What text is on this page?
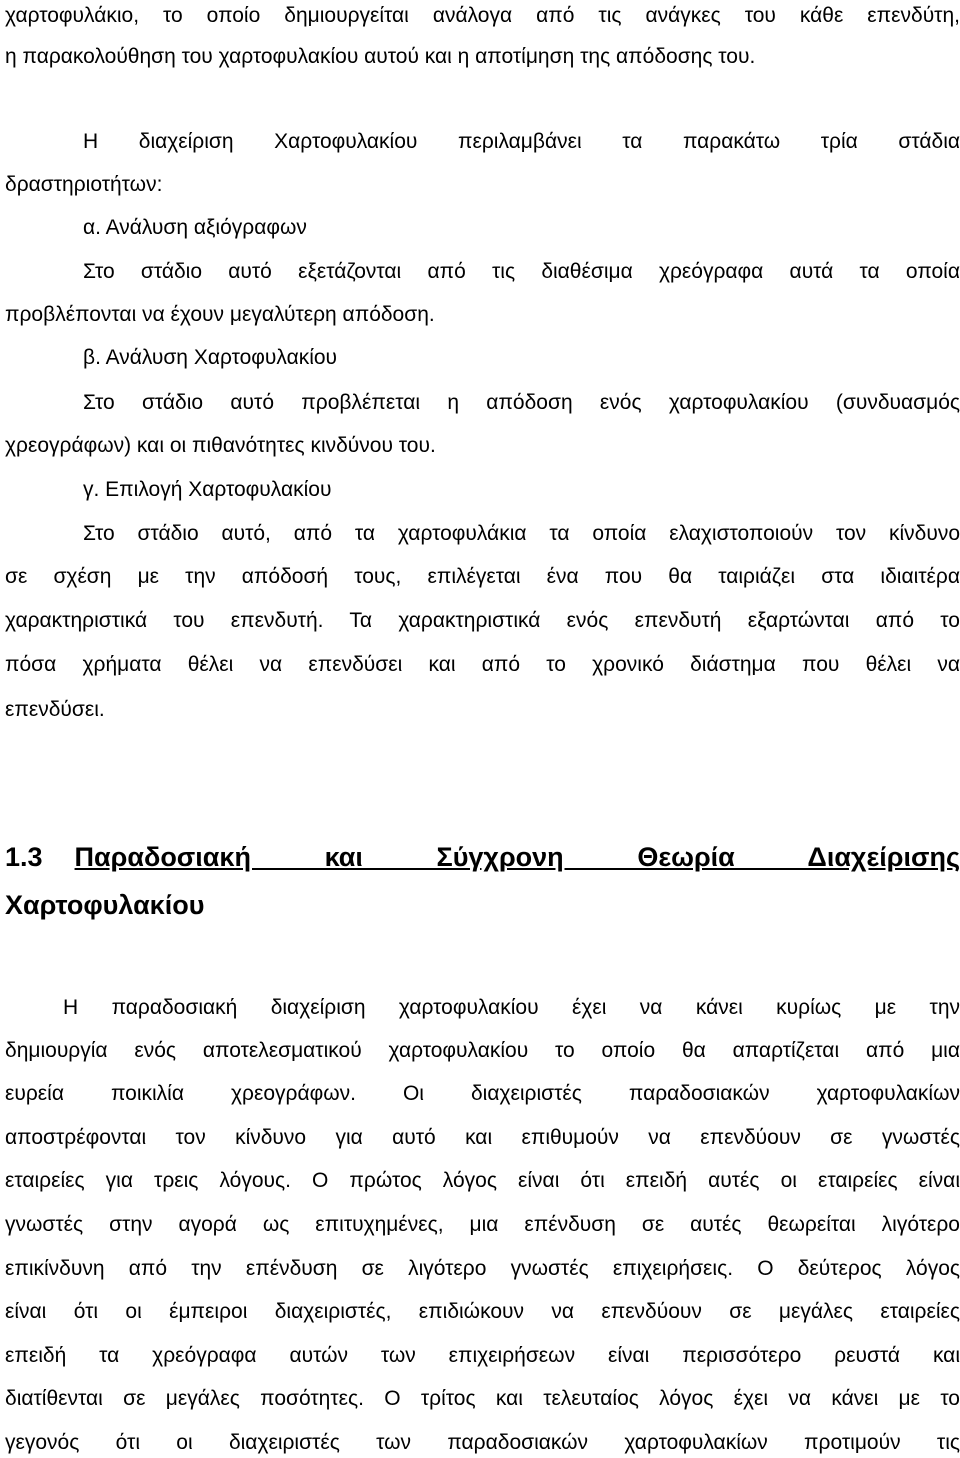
χαρτοφυλάκιο, το οποίο δημιουργείται ανάλογα από τις ανάγκες του κάθε επενδύτη,
η παρακολούθηση του χαρτοφυλακίου αυτού και η αποτίμηση της απόδοσης του.
Η διαχείριση Χαρτοφυλακίου περιλαμβάνει τα παρακάτω τρία στάδια
δραστηριοτήτων:
α. Ανάλυση αξιόγραφων
Στο στάδιο αυτό εξετάζονται από τις διαθέσιμα χρεόγραφα αυτά τα οποία
προβλέπονται να έχουν μεγαλύτερη απόδοση.
β. Ανάλυση Χαρτοφυλακίου
Στο στάδιο αυτό προβλέπεται η απόδοση ενός χαρτοφυλακίου (συνδυασμός
χρεογράφων) και οι πιθανότητες κινδύνου του.
γ. Επιλογή Χαρτοφυλακίου
Στο στάδιο αυτό, από τα χαρτοφυλάκια τα οποία ελαχιστοποιούν τον κίνδυνο
σε σχέση με την απόδοσή τους, επιλέγεται ένα που θα ταιριάζει στα ιδιαιτέρα
χαρακτηριστικά του επενδυτή. Τα χαρακτηριστικά ενός επενδυτή εξαρτώνται από το
πόσα χρήματα θέλει να επενδύσει και από το χρονικό διάστημα που θέλει να
επενδύσει.
1.3 Παραδοσιακή και Σύγχρονη Θεωρία Διαχείρισης
Χαρτοφυλακίου
Η παραδοσιακή διαχείριση χαρτοφυλακίου έχει να κάνει κυρίως με την
δημιουργία ενός αποτελεσματικού χαρτοφυλακίου το οποίο θα απαρτίζεται από μια
ευρεία ποικιλία χρεογράφων. Οι διαχειριστές παραδοσιακών χαρτοφυλακίων
αποστρέφονται τον κίνδυνο για αυτό και επιθυμούν να επενδύουν σε γνωστές
εταιρείες για τρεις λόγους. Ο πρώτος λόγος είναι ότι επειδή αυτές οι εταιρείες είναι
γνωστές στην αγορά ως επιτυχημένες, μια επένδυση σε αυτές θεωρείται λιγότερο
επικίνδυνη από την επένδυση σε λιγότερο γνωστές επιχειρήσεις. Ο δεύτερος λόγος
είναι ότι οι έμπειροι διαχειριστές, επιδιώκουν να επενδύουν σε μεγάλες εταιρείες
επειδή τα χρεόγραφα αυτών των επιχειρήσεων είναι περισσότερο ρευστά και
διατίθενται σε μεγάλες ποσότητες. Ο τρίτος και τελευταίος λόγος έχει να κάνει με το
γεγονός ότι οι διαχειριστές των παραδοσιακών χαρτοφυλακίων προτιμούν τις
